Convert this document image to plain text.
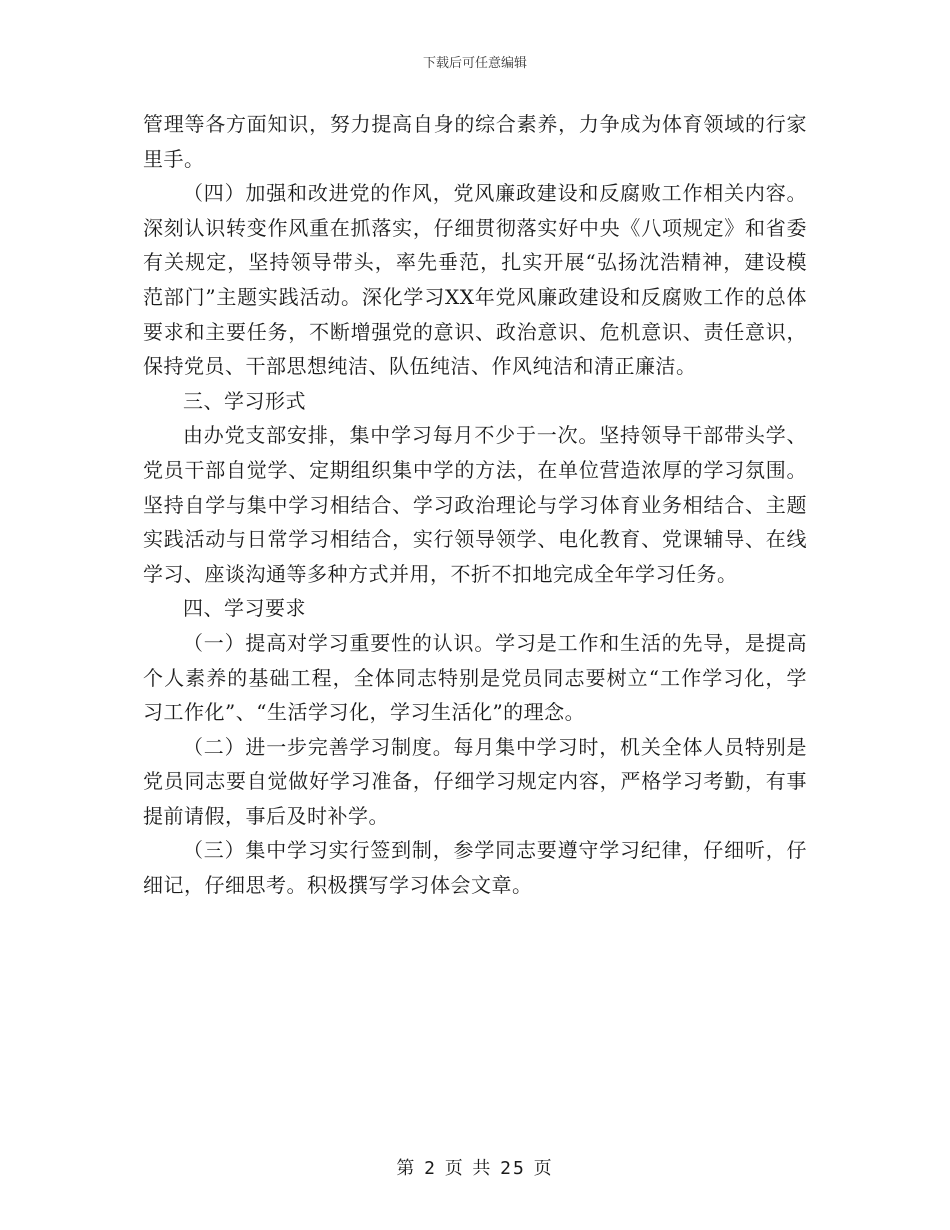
下载后可任意编辑

管理等各方面知识，努力提高自身的综合素养，力争成为体育领域的行家里手。

（四）加强和改进党的作风，党风廉政建设和反腐败工作相关内容。深刻认识转变作风重在抓落实，仔细贯彻落实好中央《八项规定》和省委有关规定，坚持领导带头，率先垂范，扎实开展“弘扬沈浩精神，建设模范部门”主题实践活动。深化学习XX年党风廉政建设和反腐败工作的总体要求和主要任务，不断增强党的意识、政治意识、危机意识、责任意识，保持党员、干部思想纯洁、队伍纯洁、作风纯洁和清正廉洁。

三、学习形式

由办党支部安排，集中学习每月不少于一次。坚持领导干部带头学、党员干部自觉学、定期组织集中学的方法，在单位营造浓厚的学习氛围。坚持自学与集中学习相结合、学习政治理论与学习体育业务相结合、主题实践活动与日常学习相结合，实行领导领学、电化教育、党课辅导、在线学习、座谈沟通等多种方式并用，不折不扣地完成全年学习任务。

四、学习要求

（一）提高对学习重要性的认识。学习是工作和生活的先导，是提高个人素养的基础工程，全体同志特别是党员同志要树立“工作学习化，学习工作化”、“生活学习化，学习生活化”的理念。

（二）进一步完善学习制度。每月集中学习时，机关全体人员特别是党员同志要自觉做好学习准备，仔细学习规定内容，严格学习考勤，有事提前请假，事后及时补学。

（三）集中学习实行签到制，参学同志要遵守学习纪律，仔细听，仔细记，仔细思考。积极撰写学习体会文章。

第 2 页 共 25 页
